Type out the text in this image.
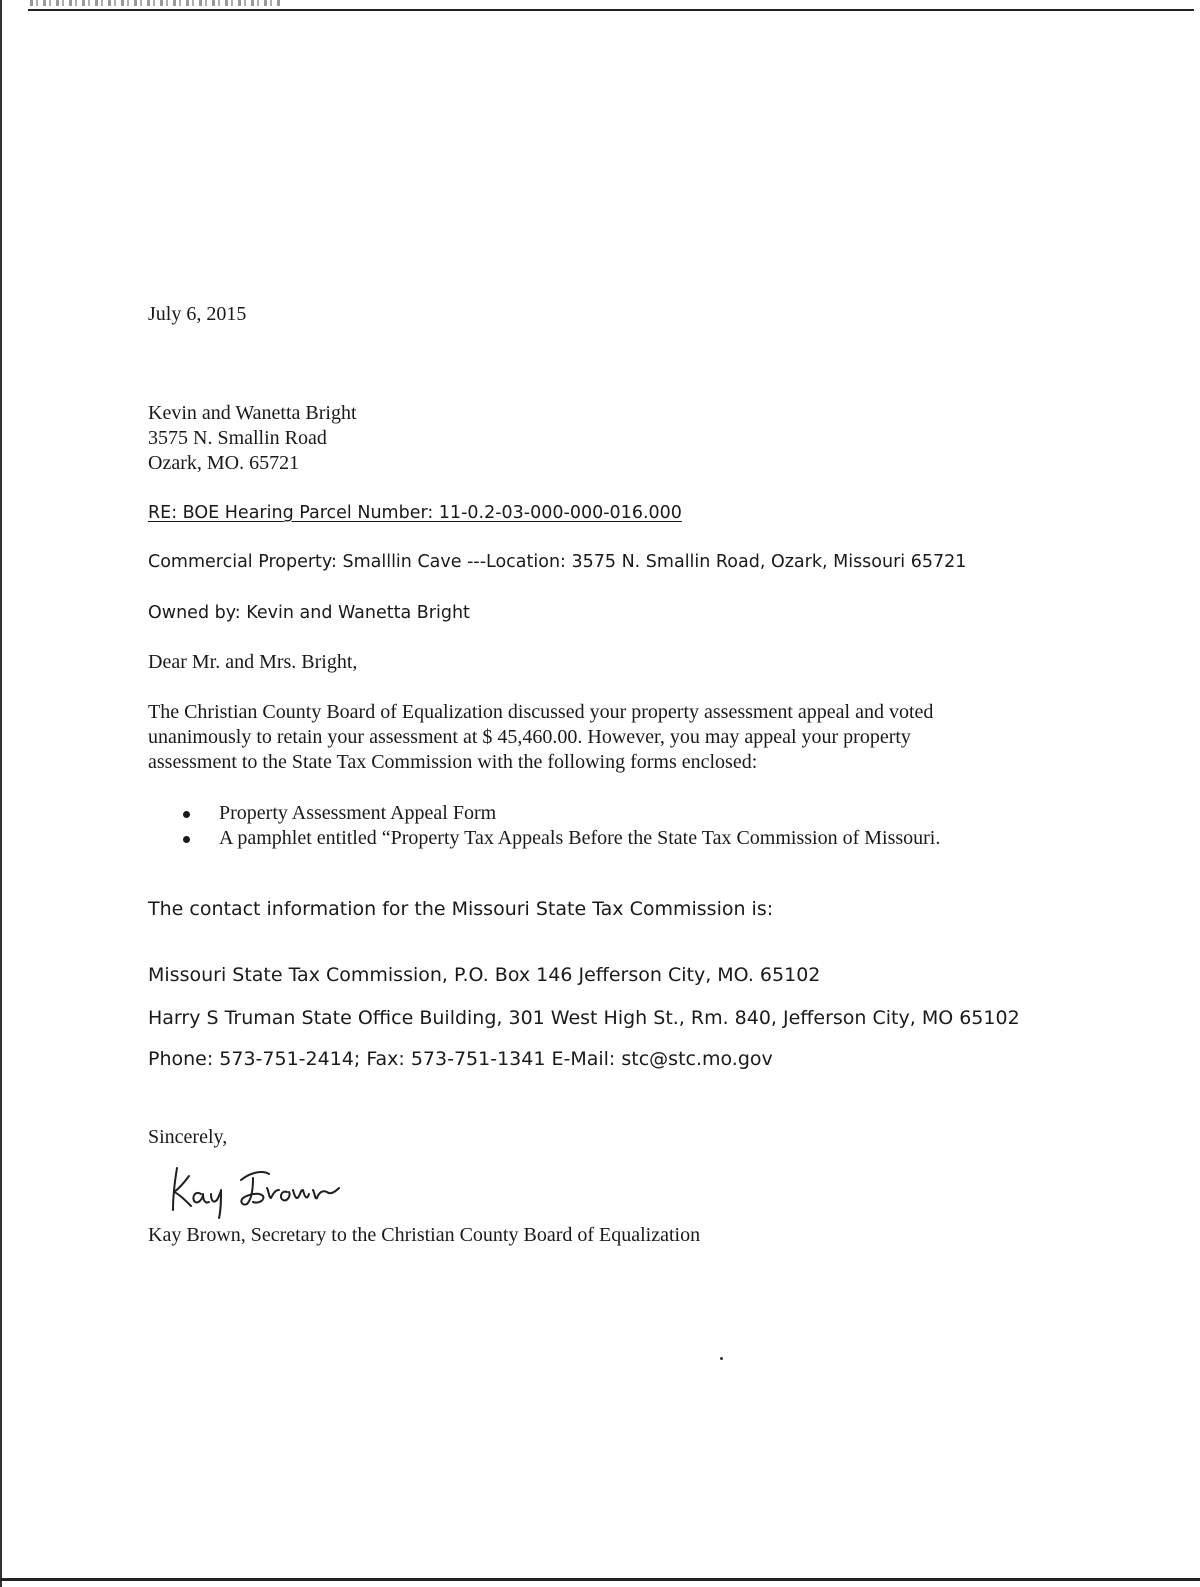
July 6, 2015
Kevin and Wanetta Bright
3575 N. Smallin Road
Ozark, MO. 65721
RE: BOE Hearing Parcel Number: 11-0.2-03-000-000-016.000
Commercial Property: Smalllin Cave ---Location: 3575 N. Smallin Road, Ozark, Missouri 65721
Owned by: Kevin and Wanetta Bright
Dear Mr. and Mrs. Bright,
The Christian County Board of Equalization discussed your property assessment appeal and voted
unanimously to retain your assessment at $ 45,460.00. However, you may appeal your property
assessment to the State Tax Commission with the following forms enclosed:
Property Assessment Appeal Form
A pamphlet entitled “Property Tax Appeals Before the State Tax Commission of Missouri.
The contact information for the Missouri State Tax Commission is:
Missouri State Tax Commission, P.O. Box 146 Jefferson City, MO. 65102
Harry S Truman State Office Building, 301 West High St., Rm. 840, Jefferson City, MO 65102
Phone: 573-751-2414; Fax: 573-751-1341 E-Mail: stc@stc.mo.gov
Sincerely,
Kay Brown, Secretary to the Christian County Board of Equalization
